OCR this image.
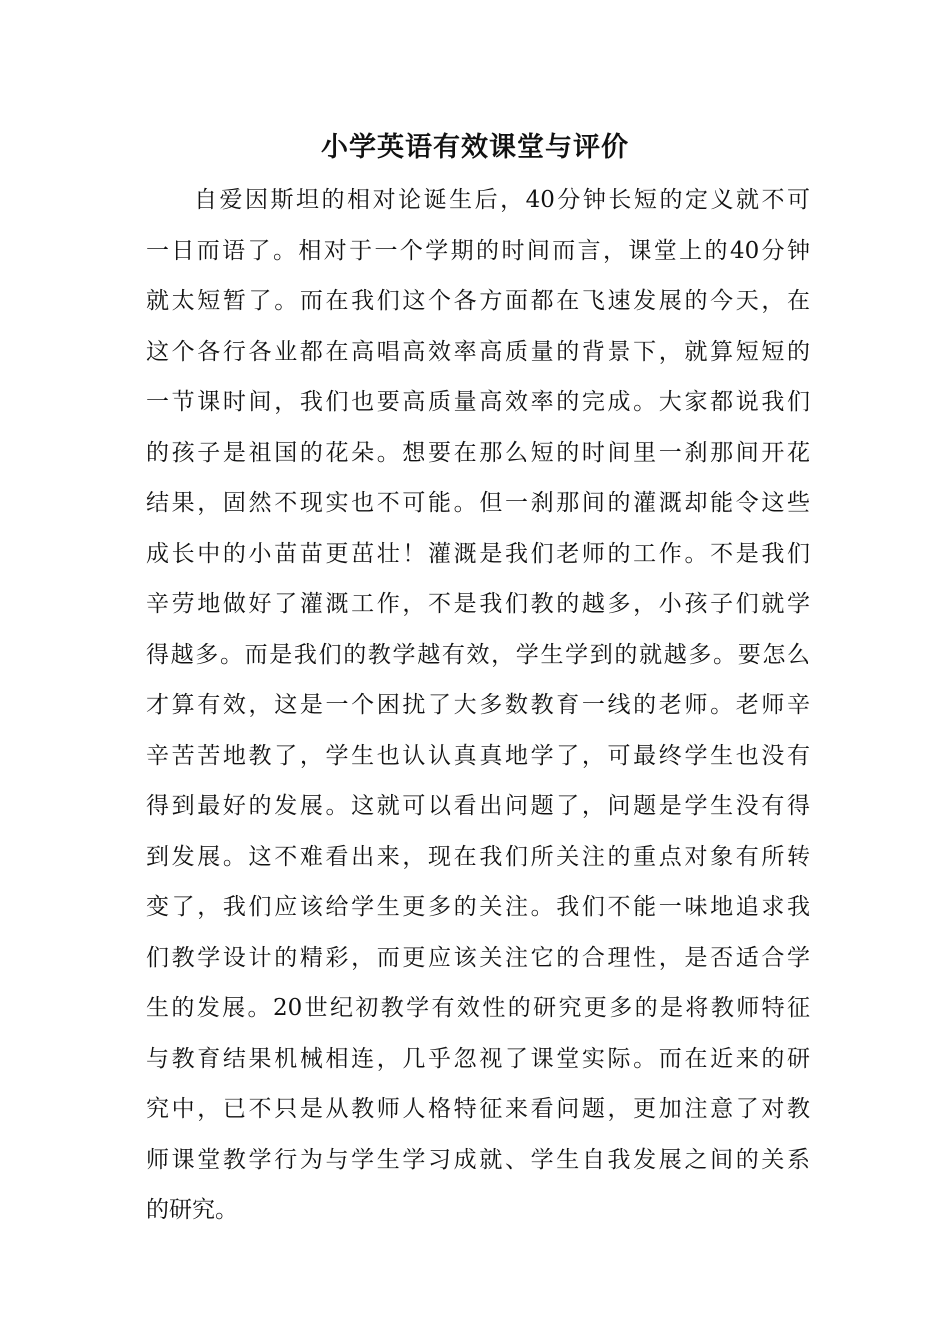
小学英语有效课堂与评价
自爱因斯坦的相对论诞生后，40分钟长短的定义就不可
一日而语了。相对于一个学期的时间而言，课堂上的40分钟
就太短暂了。而在我们这个各方面都在飞速发展的今天，在
这个各行各业都在高唱高效率高质量的背景下，就算短短的
一节课时间，我们也要高质量高效率的完成。大家都说我们
的孩子是祖国的花朵。想要在那么短的时间里一刹那间开花
结果，固然不现实也不可能。但一刹那间的灌溉却能令这些
成长中的小苗苗更茁壮！灌溉是我们老师的工作。不是我们
辛劳地做好了灌溉工作，不是我们教的越多，小孩子们就学
得越多。而是我们的教学越有效，学生学到的就越多。要怎么
才算有效，这是一个困扰了大多数教育一线的老师。老师辛
辛苦苦地教了，学生也认认真真地学了，可最终学生也没有
得到最好的发展。这就可以看出问题了，问题是学生没有得
到发展。这不难看出来，现在我们所关注的重点对象有所转
变了，我们应该给学生更多的关注。我们不能一味地追求我
们教学设计的精彩，而更应该关注它的合理性，是否适合学
生的发展。20世纪初教学有效性的研究更多的是将教师特征
与教育结果机械相连，几乎忽视了课堂实际。而在近来的研
究中，已不只是从教师人格特征来看问题，更加注意了对教
师课堂教学行为与学生学习成就、学生自我发展之间的关系
的研究。
